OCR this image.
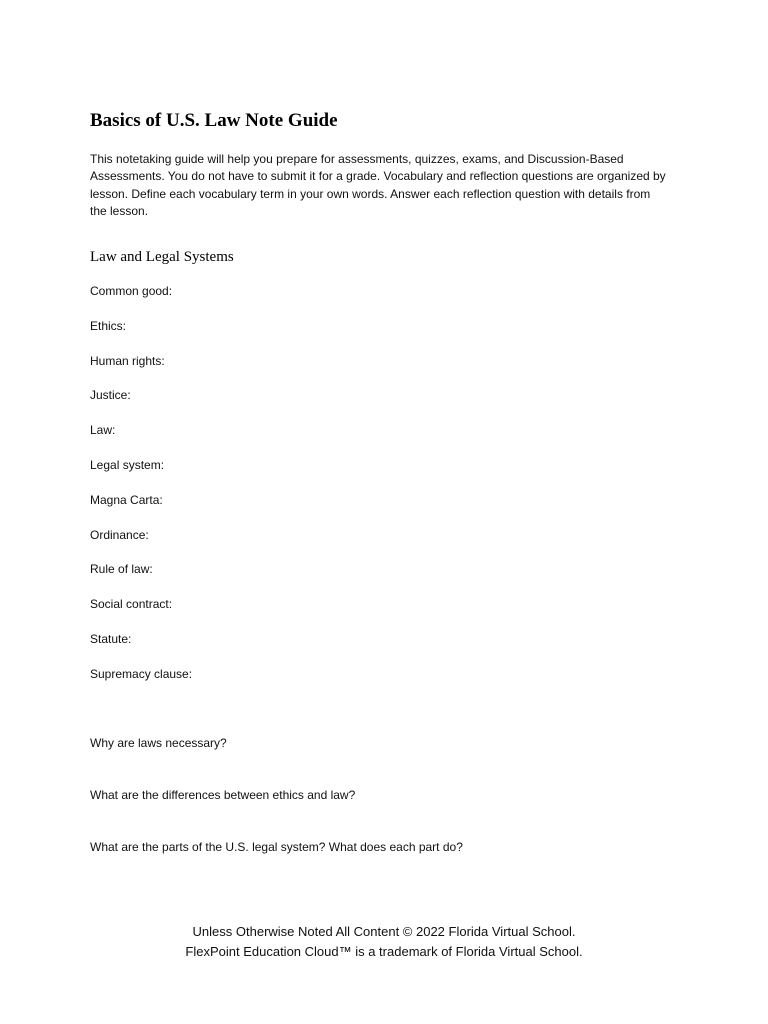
Basics of U.S. Law Note Guide

This notetaking guide will help you prepare for assessments, quizzes, exams, and Discussion-Based Assessments. You do not have to submit it for a grade. Vocabulary and reflection questions are organized by lesson. Define each vocabulary term in your own words. Answer each reflection question with details from the lesson.

Law and Legal Systems
Common good:
Ethics:
Human rights:
Justice:
Law:
Legal system:
Magna Carta:
Ordinance:
Rule of law:
Social contract:
Statute:
Supremacy clause:
Why are laws necessary?
What are the differences between ethics and law?
What are the parts of the U.S. legal system? What does each part do?
Unless Otherwise Noted All Content © 2022 Florida Virtual School.
FlexPoint Education Cloud™ is a trademark of Florida Virtual School.
